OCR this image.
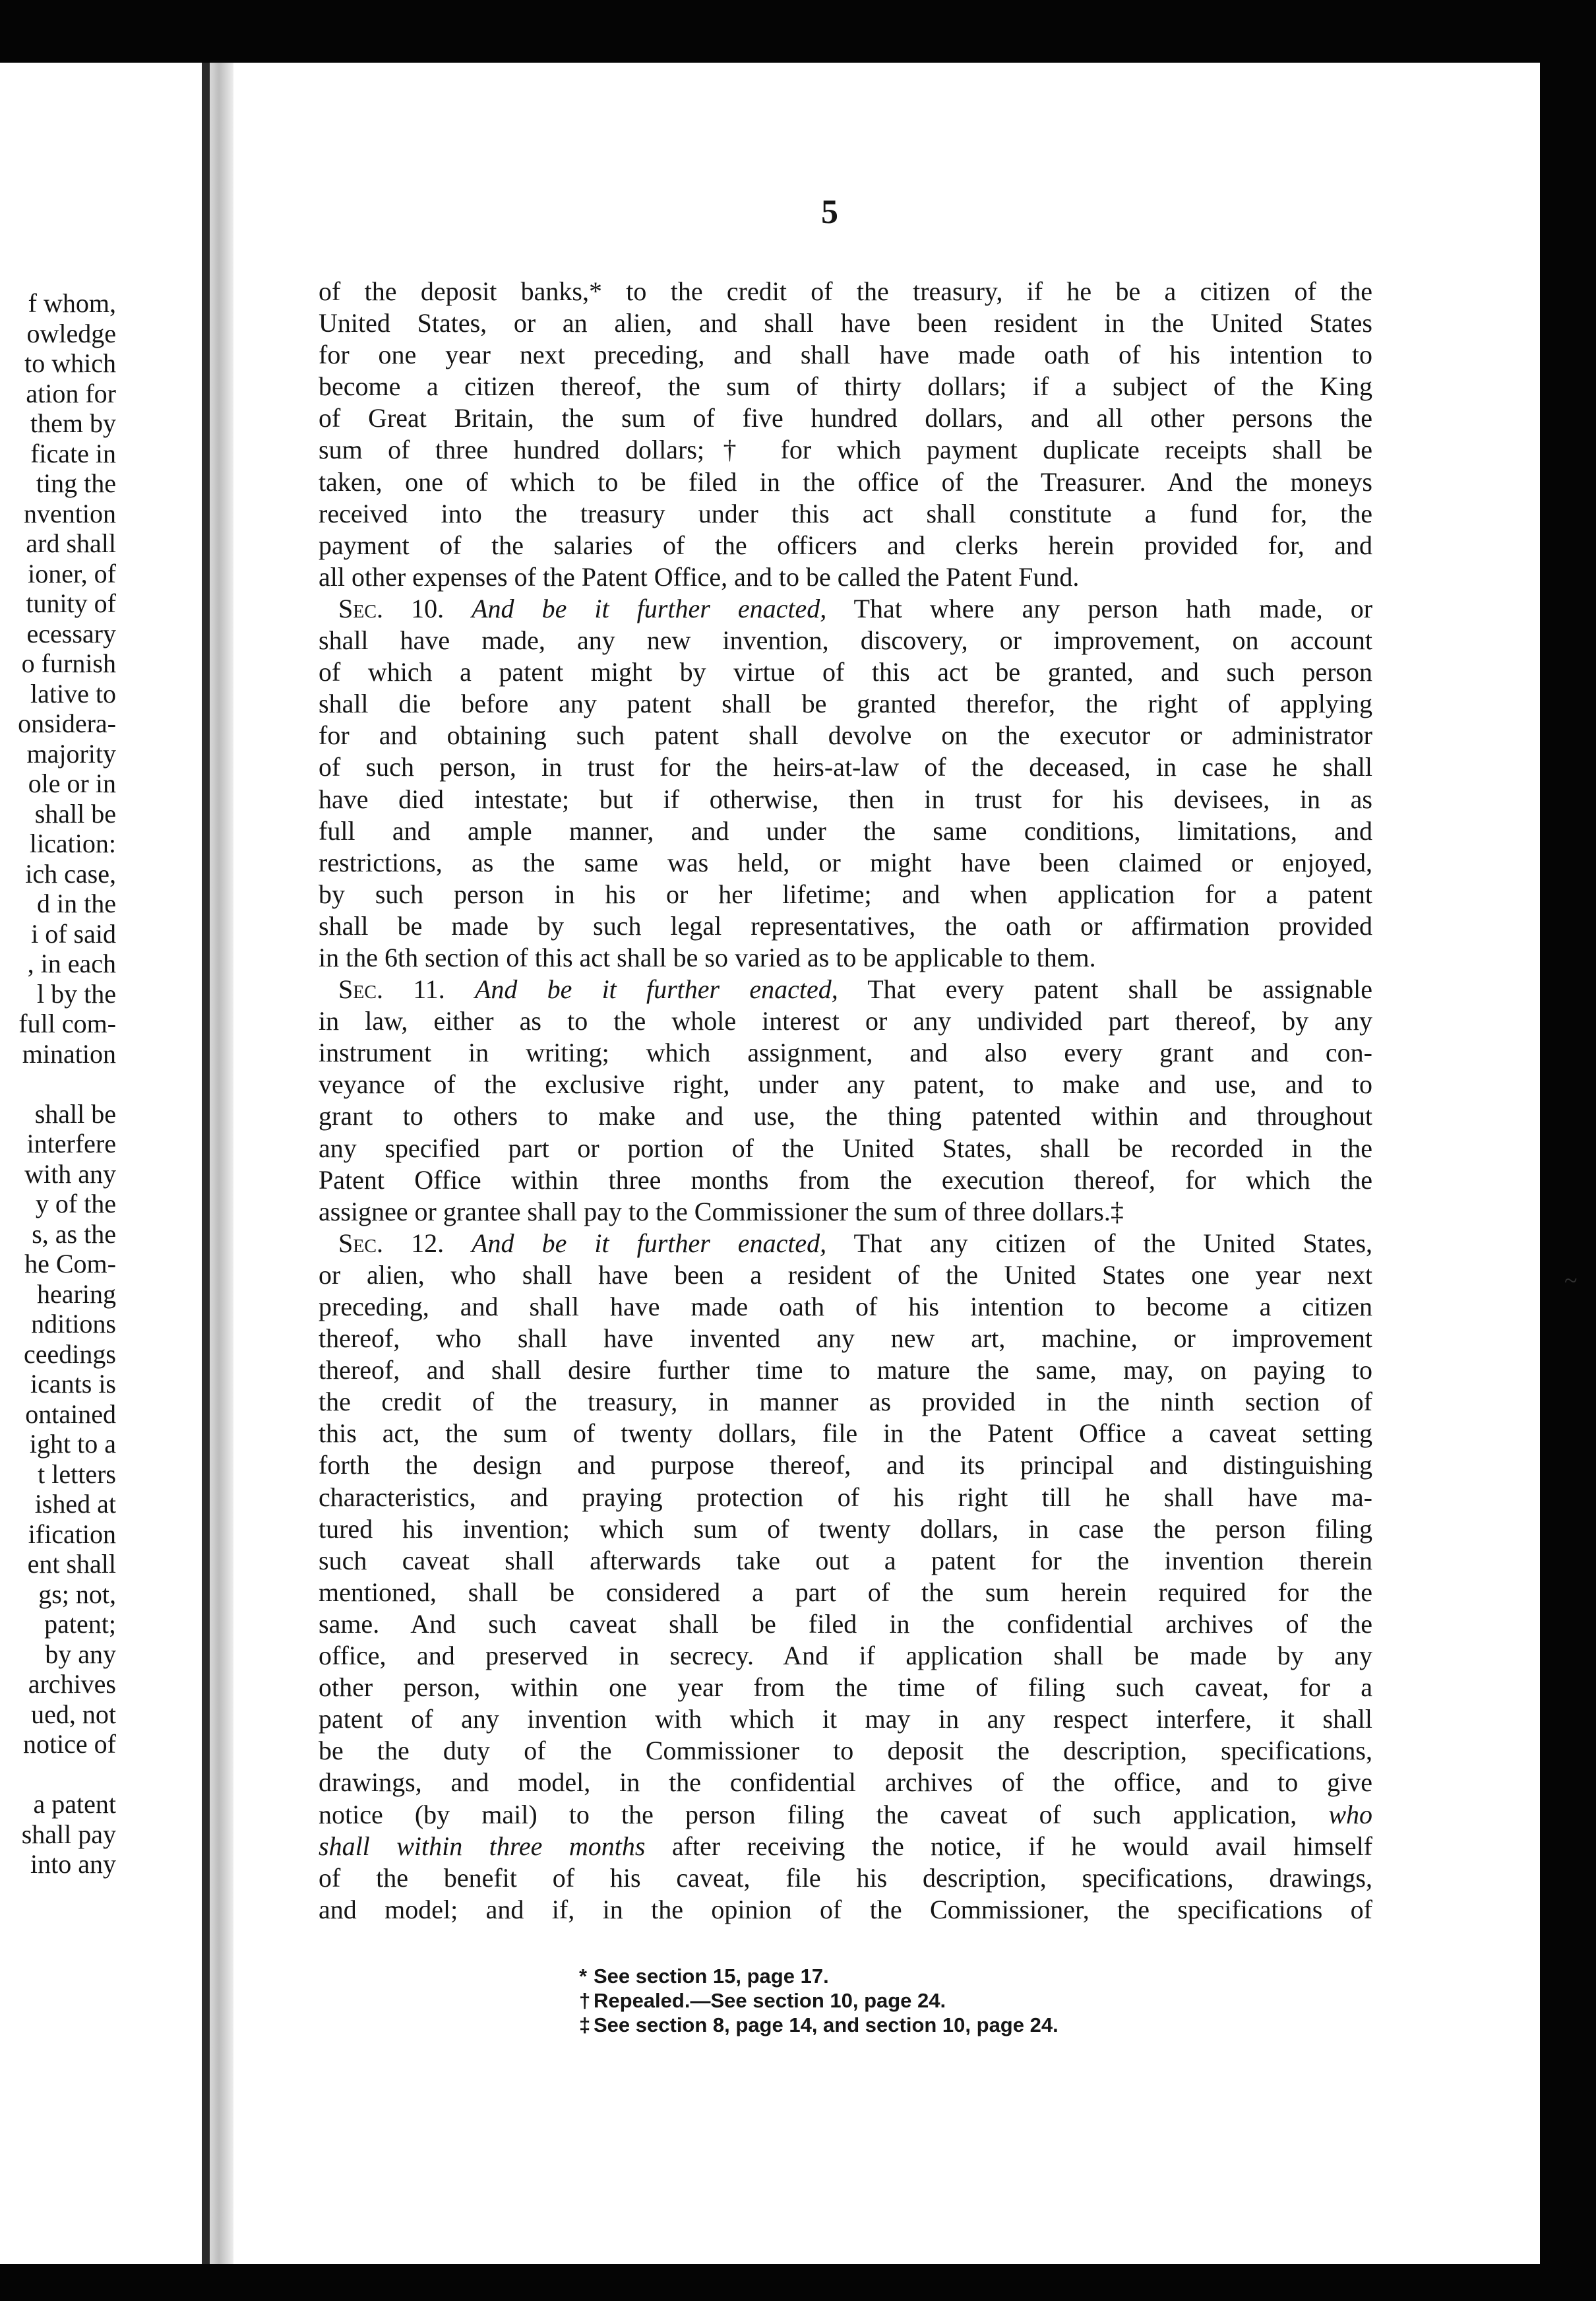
f whom,
owledge
to which
ation for
them by
ficate in
ting the
nvention
ard shall
ioner, of
tunity of
ecessary
o furnish
lative to
onsidera-
majority
ole or in
shall be
lication:
ich case,
d in the
i of said
, in each
l by the
full com-
mination
shall be
interfere
with any
y of the
s, as the
he Com-
hearing
nditions
ceedings
icants is
ontained
ight to a
t letters
ished at
ification
ent shall
gs; not,
patent;
by any
archives
ued, not
notice of
a patent
shall pay
into any
5
of the deposit banks,* to the credit of the treasury, if he be a citizen of the
United States, or an alien, and shall have been resident in the United States
for one year next preceding, and shall have made oath of his intention to
become a citizen thereof, the sum of thirty dollars; if a subject of the King
of Great Britain, the sum of five hundred dollars, and all other persons the
sum of three hundred dollars;† for which payment duplicate receipts shall be
taken, one of which to be filed in the office of the Treasurer. And the moneys
received into the treasury under this act shall constitute a fund for, the
payment of the salaries of the officers and clerks herein provided for, and
all other expenses of the Patent Office, and to be called the Patent Fund.
Sec. 10. And be it further enacted, That where any person hath made, or
shall have made, any new invention, discovery, or improvement, on account
of which a patent might by virtue of this act be granted, and such person
shall die before any patent shall be granted therefor, the right of applying
for and obtaining such patent shall devolve on the executor or administrator
of such person, in trust for the heirs-at-law of the deceased, in case he shall
have died intestate; but if otherwise, then in trust for his devisees, in as
full and ample manner, and under the same conditions, limitations, and
restrictions, as the same was held, or might have been claimed or enjoyed,
by such person in his or her lifetime; and when application for a patent
shall be made by such legal representatives, the oath or affirmation provided
in the 6th section of this act shall be so varied as to be applicable to them.
Sec. 11. And be it further enacted, That every patent shall be assignable
in law, either as to the whole interest or any undivided part thereof, by any
instrument in writing; which assignment, and also every grant and con-
veyance of the exclusive right, under any patent, to make and use, and to
grant to others to make and use, the thing patented within and throughout
any specified part or portion of the United States, shall be recorded in the
Patent Office within three months from the execution thereof, for which the
assignee or grantee shall pay to the Commissioner the sum of three dollars.‡
Sec. 12. And be it further enacted, That any citizen of the United States,
or alien, who shall have been a resident of the United States one year next
preceding, and shall have made oath of his intention to become a citizen
thereof, who shall have invented any new art, machine, or improvement
thereof, and shall desire further time to mature the same, may, on paying to
the credit of the treasury, in manner as provided in the ninth section of
this act, the sum of twenty dollars, file in the Patent Office a caveat setting
forth the design and purpose thereof, and its principal and distinguishing
characteristics, and praying protection of his right till he shall have ma-
tured his invention; which sum of twenty dollars, in case the person filing
such caveat shall afterwards take out a patent for the invention therein
mentioned, shall be considered a part of the sum herein required for the
same. And such caveat shall be filed in the confidential archives of the
office, and preserved in secrecy. And if application shall be made by any
other person, within one year from the time of filing such caveat, for a
patent of any invention with which it may in any respect interfere, it shall
be the duty of the Commissioner to deposit the description, specifications,
drawings, and model, in the confidential archives of the office, and to give
notice (by mail) to the person filing the caveat of such application, who
shall within three months after receiving the notice, if he would avail himself
of the benefit of his caveat, file his description, specifications, drawings,
and model; and if, in the opinion of the Commissioner, the specifications of
~
* See section 15, page 17.
† Repealed.—See section 10, page 24.
‡ See section 8, page 14, and section 10, page 24.
